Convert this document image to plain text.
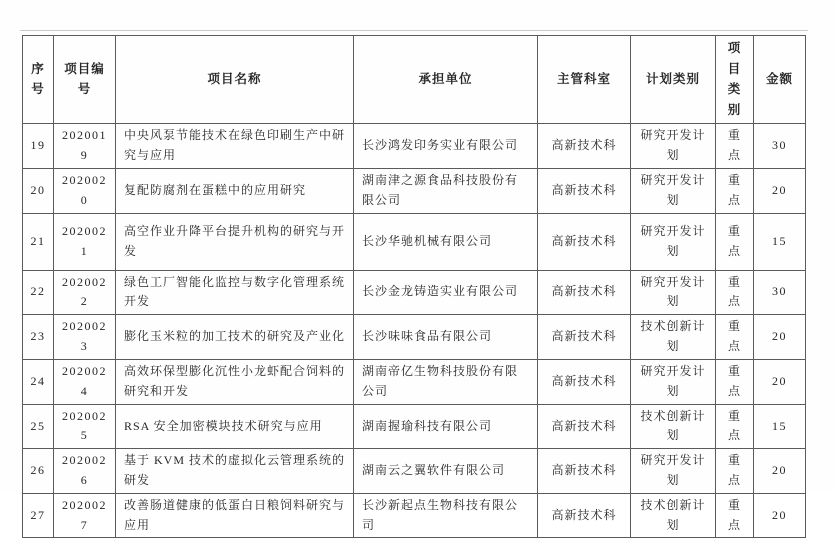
序号	项目编号	项目名称	承担单位	主管科室	计划类别	项目类别	金额
19	2020019	中央风泵节能技术在绿色印刷生产中研究与应用	长沙鸿发印务实业有限公司	高新技术科	研究开发计划	重点	30
20	2020020	复配防腐剂在蛋糕中的应用研究	湖南津之源食品科技股份有限公司	高新技术科	研究开发计划	重点	20
21	2020021	高空作业升降平台提升机构的研究与开发	长沙华驰机械有限公司	高新技术科	研究开发计划	重点	15
22	2020022	绿色工厂智能化监控与数字化管理系统开发	长沙金龙铸造实业有限公司	高新技术科	研究开发计划	重点	30
23	2020023	膨化玉米粒的加工技术的研究及产业化	长沙味味食品有限公司	高新技术科	技术创新计划	重点	20
24	2020024	高效环保型膨化沉性小龙虾配合饲料的研究和开发	湖南帝亿生物科技股份有限公司	高新技术科	研究开发计划	重点	20
25	2020025	RSA 安全加密模块技术研究与应用	湖南握瑜科技有限公司	高新技术科	技术创新计划	重点	15
26	2020026	基于 KVM 技术的虚拟化云管理系统的研发	湖南云之翼软件有限公司	高新技术科	研究开发计划	重点	20
27	2020027	改善肠道健康的低蛋白日粮饲料研究与应用	长沙新起点生物科技有限公司	高新技术科	技术创新计划	重点	20
